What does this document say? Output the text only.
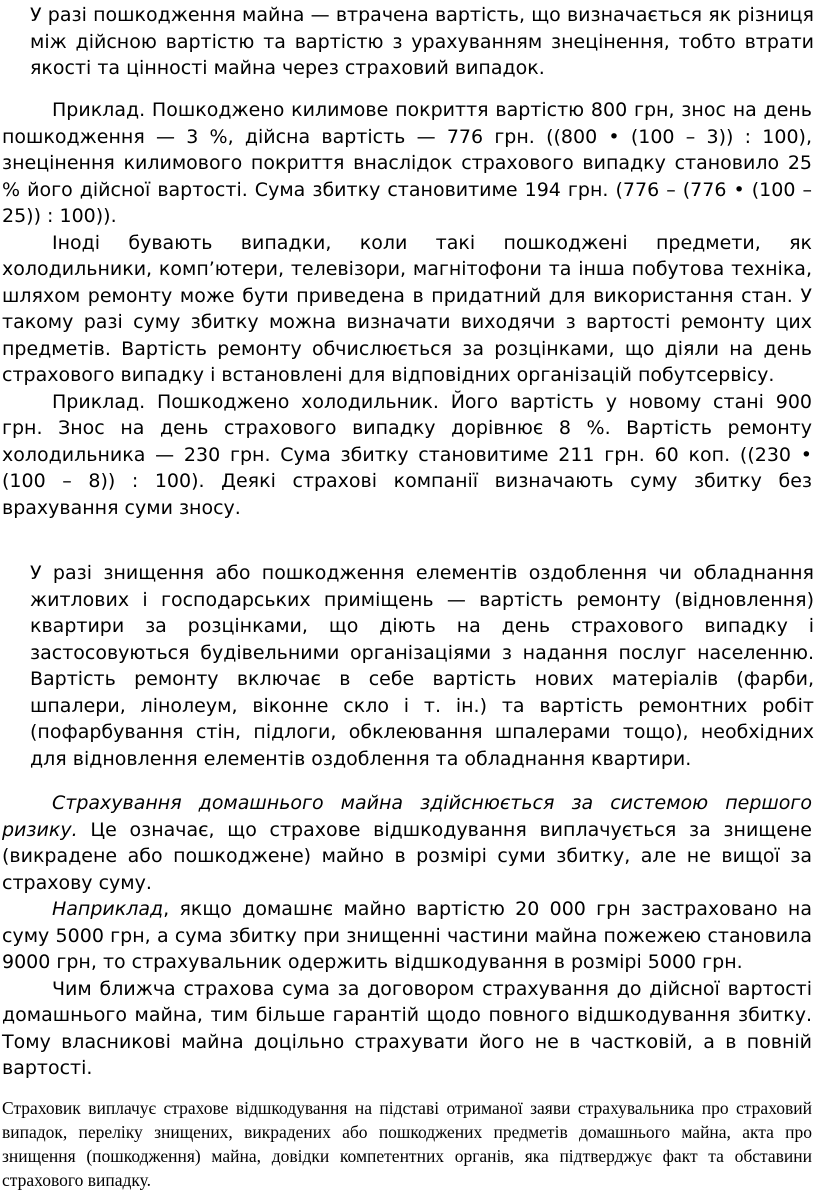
У разі пошкодження майна — втрачена вартість, що визначається як різниця між дійсною вартістю та вартістю з урахуванням знецінення, тобто втрати якості та цінності майна через страховий випадок.

Приклад. Пошкоджено килимове покриття вартістю 800 грн, знос на день пошкодження — 3 %, дійсна вартість — 776 грн. ((800 • (100 – 3)) : 100), знецінення килимового покриття внаслідок страхового випадку становило 25 % його дійсної вартості. Сума збитку становитиме 194 грн. (776 – (776 • (100 – 25)) : 100)).

Іноді бувають випадки, коли такі пошкоджені предмети, як холодильники, комп’ютери, телевізори, магнітофони та інша побутова техніка, шляхом ремонту може бути приведена в придатний для використання стан. У такому разі суму збитку можна визначати виходячи з вартості ремонту цих предметів. Вартість ремонту обчислюється за розцінками, що діяли на день страхового випадку і встановлені для відповідних організацій побутсервісу.

Приклад. Пошкоджено холодильник. Його вартість у новому стані 900 грн. Знос на день страхового випадку дорівнює 8 %. Вартість ремонту холодильника — 230 грн. Сума збитку становитиме 211 грн. 60 коп. ((230 • (100 – 8)) : 100). Деякі страхові компанії визначають суму збитку без врахування суми зносу.

У разі знищення або пошкодження елементів оздоблення чи обладнання житлових і господарських приміщень — вартість ремонту (відновлення) квартири за розцінками, що діють на день страхового випадку і застосовуються будівельними організаціями з надання послуг населенню. Вартість ремонту включає в себе вартість нових матеріалів (фарби, шпалери, лінолеум, віконне скло і т. ін.) та вартість ремонтних робіт (пофарбування стін, підлоги, обклеювання шпалерами тощо), необхідних для відновлення елементів оздоблення та обладнання квартири.

Страхування домашнього майна здійснюється за системою першого ризику. Це означає, що страхове відшкодування виплачується за знищене (викрадене або пошкоджене) майно в розмірі суми збитку, але не вищої за страхову суму.

Наприклад, якщо домашнє майно вартістю 20 000 грн застраховано на суму 5000 грн, а сума збитку при знищенні частини майна пожежею становила 9000 грн, то страхувальник одержить відшкодування в розмірі 5000 грн.

Чим ближча страхова сума за договором страхування до дійсної вартості домашнього майна, тим більше гарантій щодо повного відшкодування збитку. Тому власникові майна доцільно страхувати його не в частковій, а в повній вартості.

Страховик виплачує страхове відшкодування на підставі отриманої заяви страхувальника про страховий випадок, переліку знищених, викрадених або пошкоджених предметів домашнього майна, акта про знищення (пошкодження) майна, довідки компетентних органів, яка підтверджує факт та обставини страхового випадку.
